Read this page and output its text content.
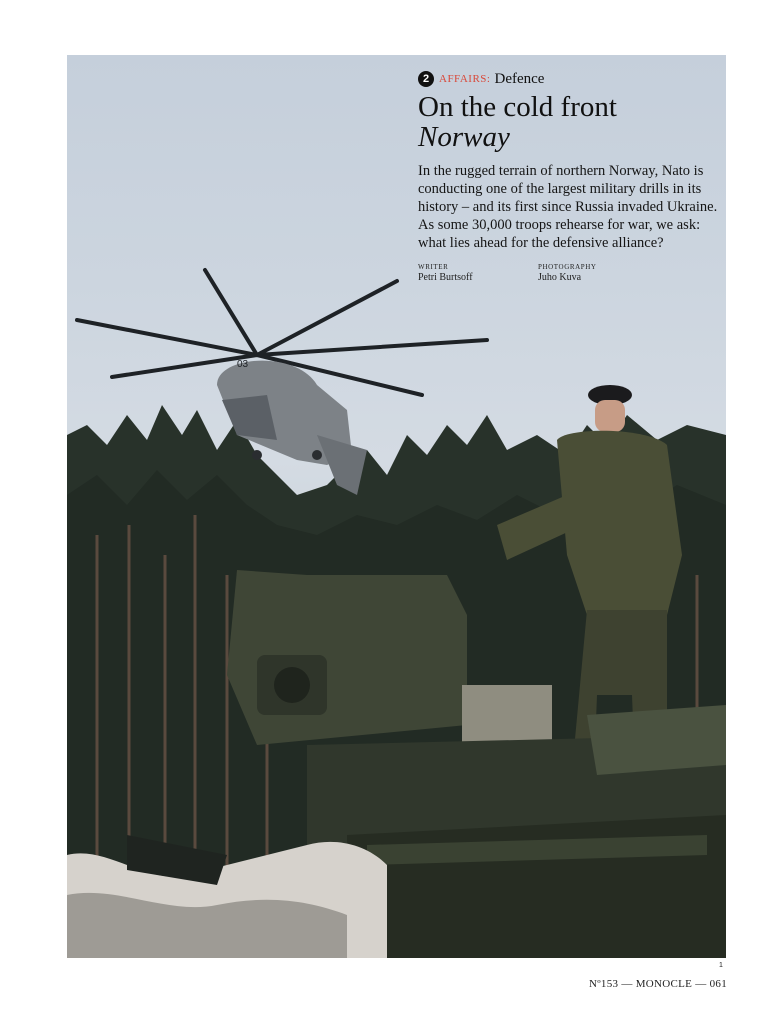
03
2 AFFAIRS: Defence
On the cold front
Norway
In the rugged terrain of northern Norway, Nato is conducting one of the largest military drills in its history – and its first since Russia invaded Ukraine. As some 30,000 troops rehearse for war, we ask: what lies ahead for the defensive alliance?
WRITER
Petri Burtsoff
PHOTOGRAPHY
Juho Kuva
1
Nº153 — MONOCLE — 061
